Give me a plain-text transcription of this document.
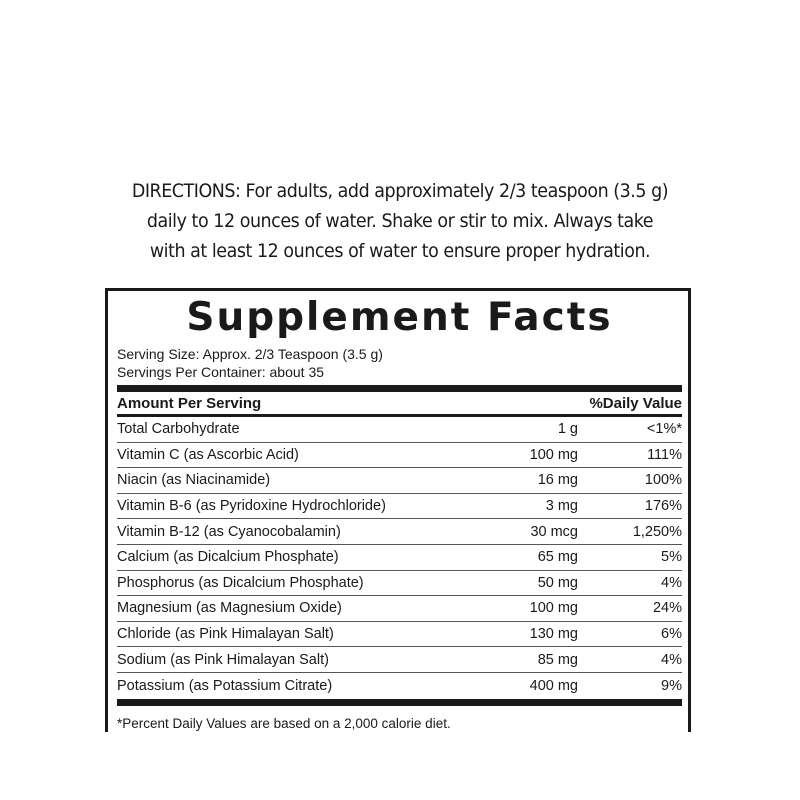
DIRECTIONS: For adults, add approximately 2/3 teaspoon (3.5 g)
daily to 12 ounces of water. Shake or stir to mix. Always take
with at least 12 ounces of water to ensure proper hydration.
Supplement Facts
Serving Size: Approx. 2/3 Teaspoon (3.5 g)
Servings Per Container: about 35
Amount Per Serving	%Daily Value
Total Carbohydrate	1 g	<1%*
Vitamin C (as Ascorbic Acid)	100 mg	111%
Niacin (as Niacinamide)	16 mg	100%
Vitamin B-6 (as Pyridoxine Hydrochloride)	3 mg	176%
Vitamin B-12 (as Cyanocobalamin)	30 mcg	1,250%
Calcium (as Dicalcium Phosphate)	65 mg	5%
Phosphorus (as Dicalcium Phosphate)	50 mg	4%
Magnesium (as Magnesium Oxide)	100 mg	24%
Chloride (as Pink Himalayan Salt)	130 mg	6%
Sodium (as Pink Himalayan Salt)	85 mg	4%
Potassium (as Potassium Citrate)	400 mg	9%
*Percent Daily Values are based on a 2,000 calorie diet.
